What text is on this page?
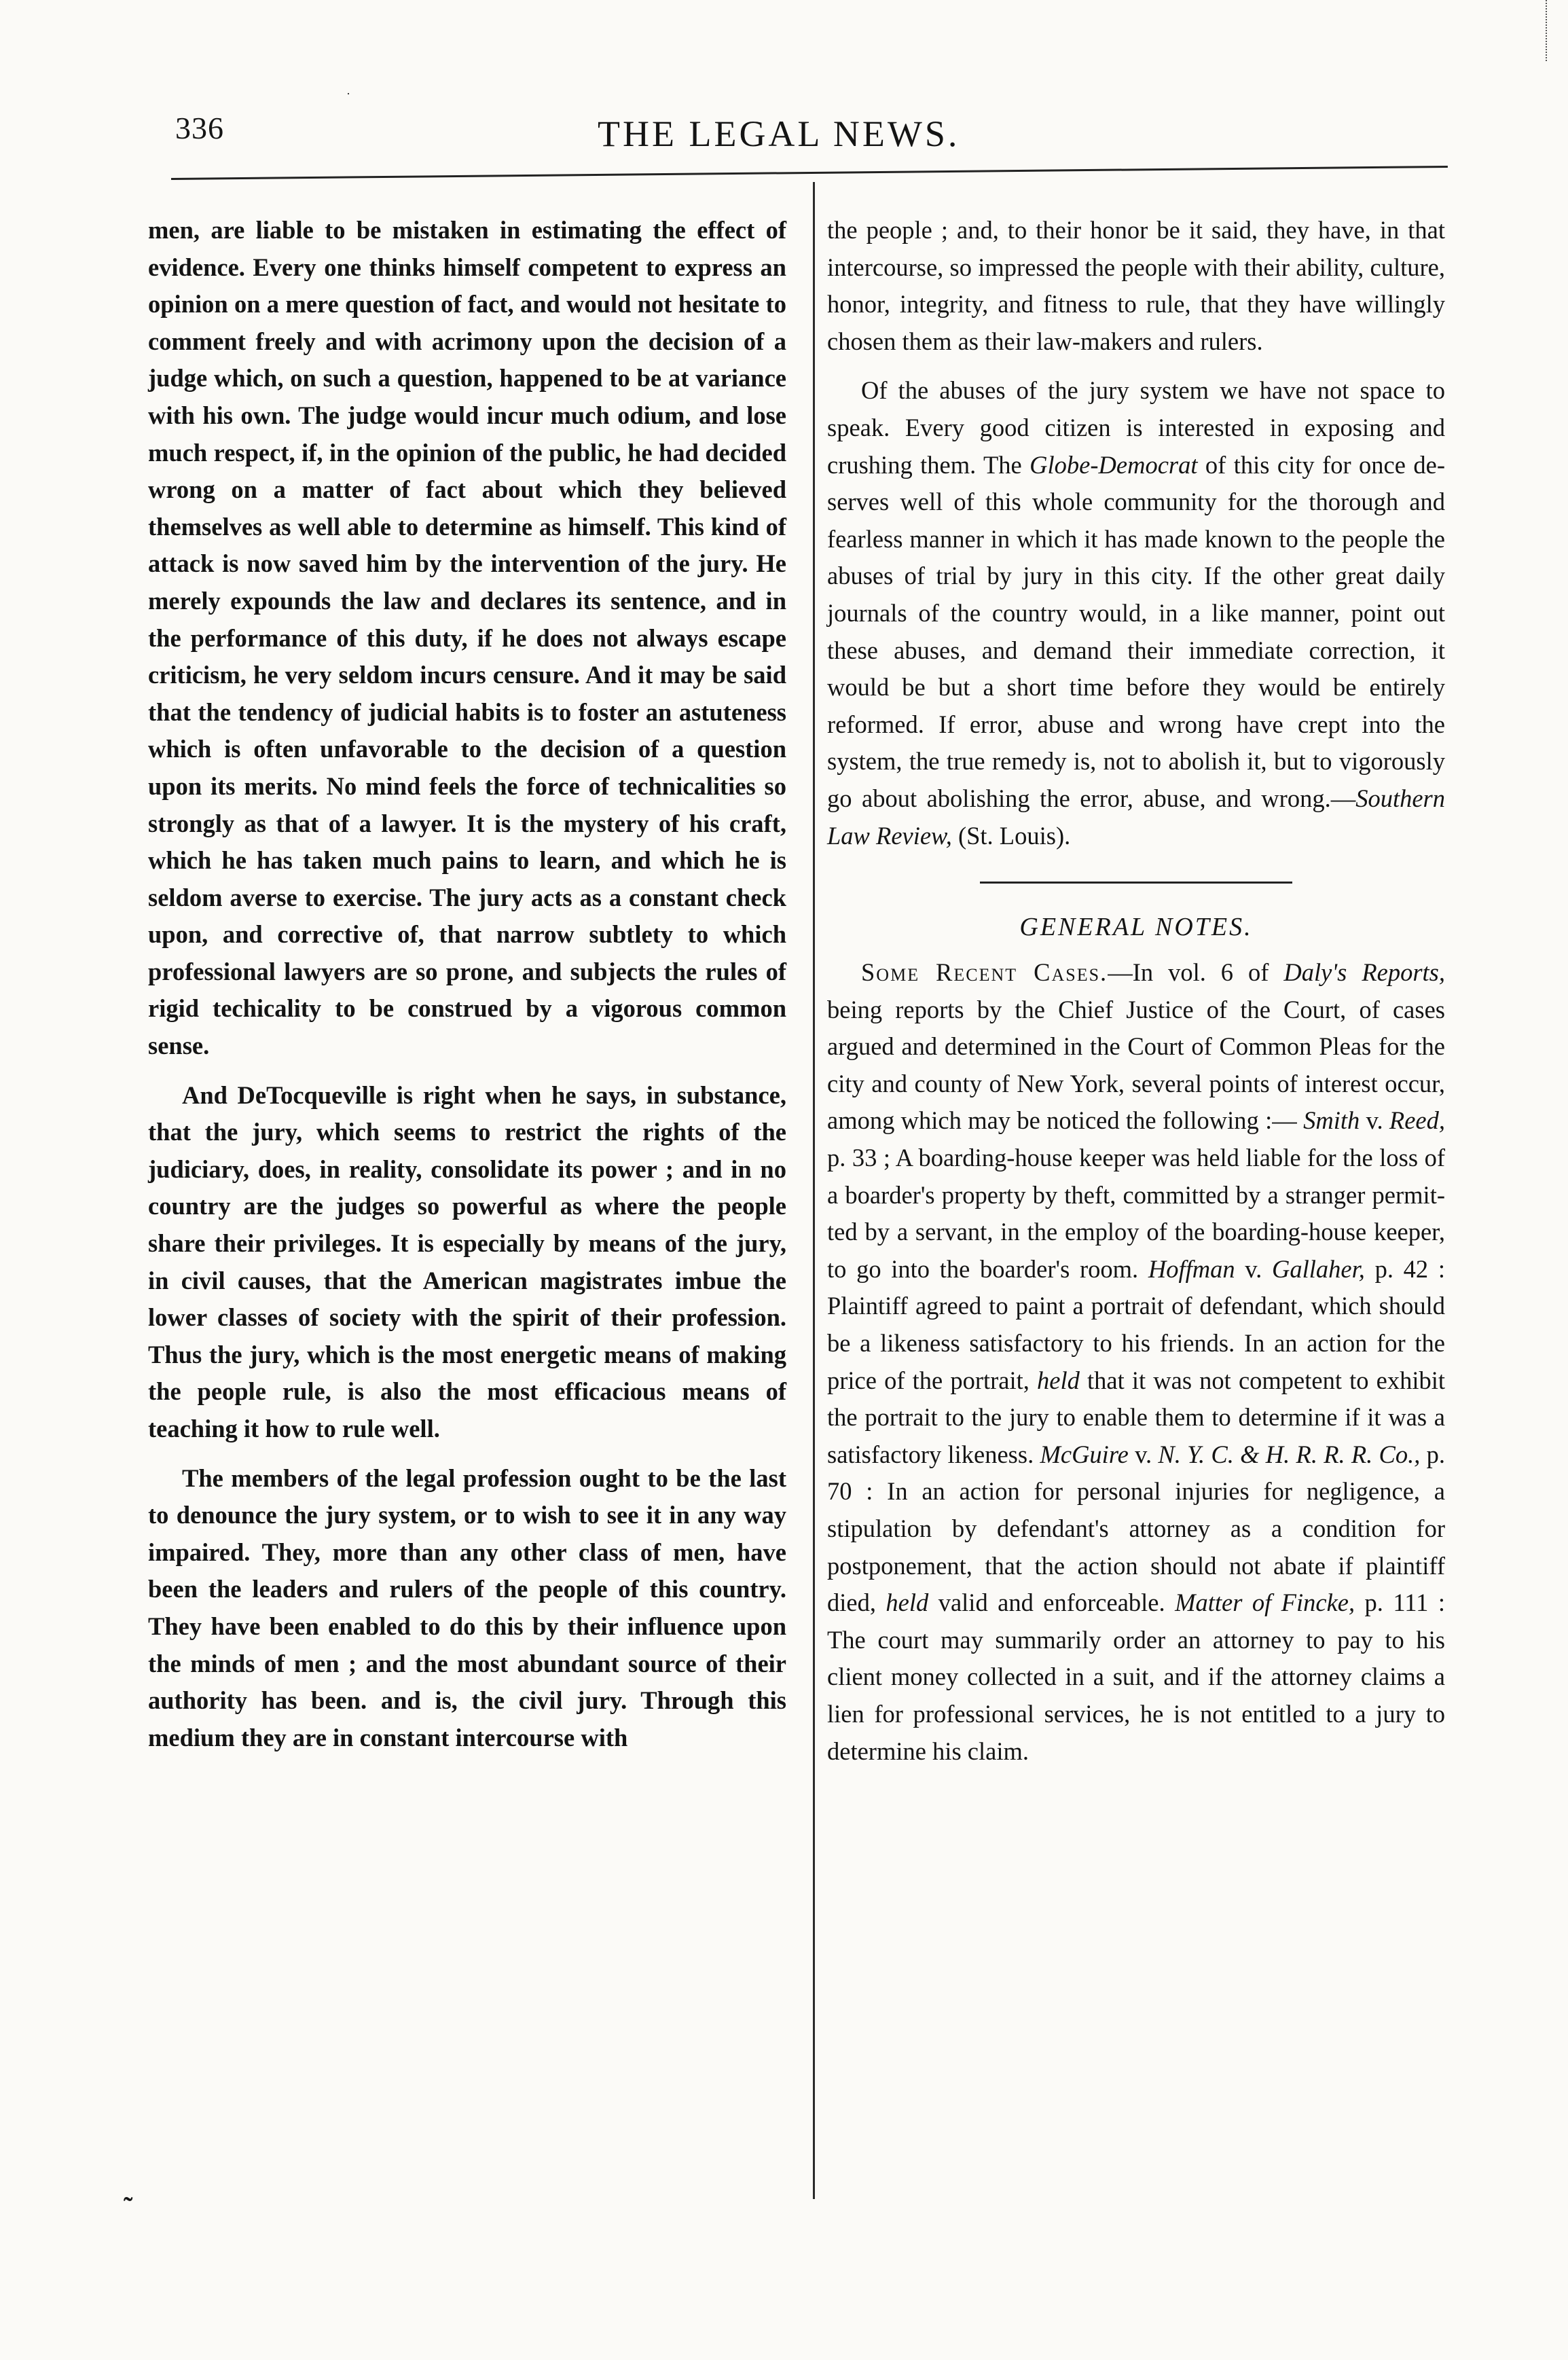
336	THE LEGAL NEWS.
·

men, are liable to be mistaken in estimating the effect of evidence. Every one thinks himself competent to express an opinion on a mere question of fact, and would not hesitate to comment freely and with acrimony upon the decision of a judge which, on such a question, happened to be at variance with his own. The judge would incur much odium, and lose much respect, if, in the opinion of the public, he had decided wrong on a matter of fact about which they believed themselves as well able to determine as himself. This kind of attack is now saved him by the intervention of the jury. He merely expounds the law and declares its sentence, and in the performance of this duty, if he does not always escape criticism, he very seldom incurs censure. And it may be said that the tendency of judicial habits is to foster an astuteness which is often unfavorable to the decision of a question upon its merits. No mind feels the force of technicalities so strongly as that of a lawyer. It is the mystery of his craft, which he has taken much pains to learn, and which he is seldom averse to exercise. The jury acts as a constant check upon, and corrective of, that narrow subtlety to which professional lawyers are so prone, and subjects the rules of rigid techicality to be construed by a vigorous common sense.

And DeTocqueville is right when he says, in substance, that the jury, which seems to restrict the rights of the judiciary, does, in reality, consolidate its power ; and in no country are the judges so powerful as where the people share their privileges. It is especially by means of the jury, in civil causes, that the American magistrates imbue the lower classes of society with the spirit of their profession. Thus the jury, which is the most energetic means of making the people rule, is also the most efficacious means of teaching it how to rule well.

The members of the legal profession ought to be the last to denounce the jury system, or to wish to see it in any way impaired. They, more than any other class of men, have been the leaders and rulers of the people of this country. They have been enabled to do this by their influence upon the minds of men ; and the most abundant source of their authority has been. and is, the civil jury. Through this medium they are in constant intercourse with

˜

the people ; and, to their honor be it said, they have, in that intercourse, so impressed the people with their ability, culture, honor, integrity, and fitness to rule, that they have willingly chosen them as their law-makers and rulers.

Of the abuses of the jury system we have not space to speak. Every good citizen is interested in exposing and crushing them. The Globe-Democrat of this city for once deserves well of this whole community for the thorough and fearless manner in which it has made known to the people the abuses of trial by jury in this city. If the other great daily journals of the country would, in a like manner, point out these abuses, and demand their immediate correction, it would be but a short time before they would be entirely reformed. If error, abuse and wrong have crept into the system, the true remedy is, not to abolish it, but to vigorously go about abolishing the error, abuse, and wrong.—Southern Law Review, (St. Louis).

GENERAL NOTES.

Some Recent Cases.—In vol. 6 of Daly's Reports, being reports by the Chief Justice of the Court, of cases argued and determined in the Court of Common Pleas for the city and county of New York, several points of interest occur, among which may be noticed the following :— Smith v. Reed, p. 33 ; A boarding-house keeper was held liable for the loss of a boarder's property by theft, committed by a stranger permitted by a servant, in the employ of the boarding-house keeper, to go into the boarder's room. Hoffman v. Gallaher, p. 42 : Plaintiff agreed to paint a portrait of defendant, which should be a likeness satisfactory to his friends. In an action for the price of the portrait, held that it was not competent to exhibit the portrait to the jury to enable them to determine if it was a satisfactory likeness. McGuire v. N. Y. C. & H. R. R. R. Co., p. 70 : In an action for personal injuries for negligence, a stipulation by defendant's attorney as a condition for postponement, that the action should not abate if plaintiff died, held valid and enforceable. Matter of Fincke, p. 111 : The court may summarily order an attorney to pay to his client money collected in a suit, and if the attorney claims a lien for professional services, he is not entitled to a jury to determine his claim.
